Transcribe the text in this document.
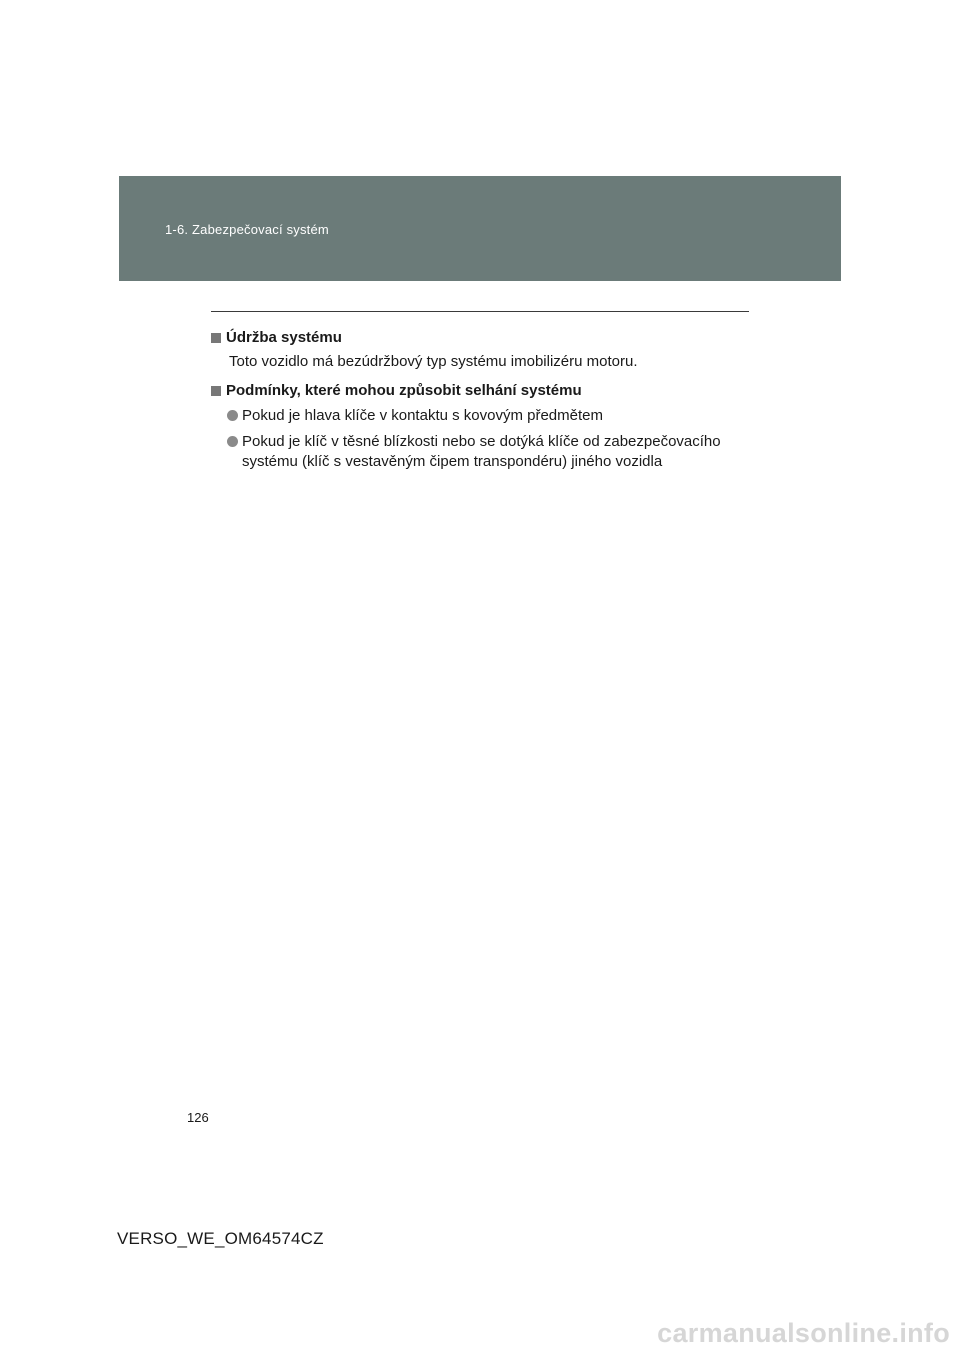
1-6. Zabezpečovací systém
Údržba systému
Toto vozidlo má bezúdržbový typ systému imobilizéru motoru.
Podmínky, které mohou způsobit selhání systému
Pokud je hlava klíče v kontaktu s kovovým předmětem
Pokud je klíč v těsné blízkosti nebo se dotýká klíče od zabezpečovacího systému (klíč s vestavěným čipem transpondéru) jiného vozidla
126
VERSO_WE_OM64574CZ
carmanualsonline.info
